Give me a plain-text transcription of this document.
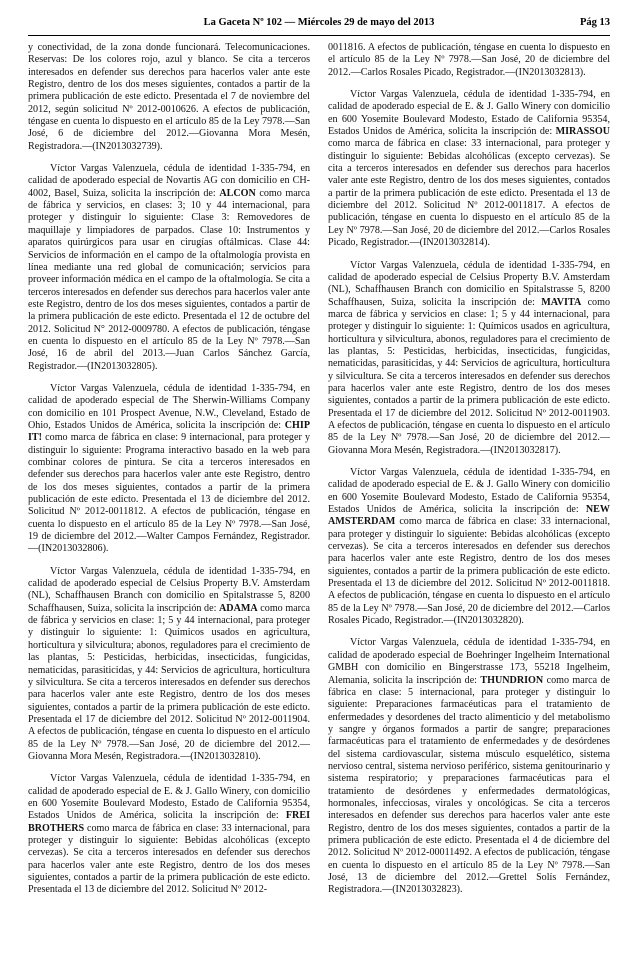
La Gaceta Nº 102 — Miércoles 29 de mayo del 2013	Pág 13

y conectividad, de la zona donde funcionará. Telecomunicaciones. Reservas: De los colores rojo, azul y blanco. Se cita a terceros interesados en defender sus derechos para hacerlos valer ante este Registro, dentro de los dos meses siguientes, contados a partir de la primera publicación de este edicto. Presentada el 7 de noviembre del 2012, según solicitud Nº 2012-0010626. A efectos de publicación, téngase en cuenta lo dispuesto en el artículo 85 de la Ley 7978.—San José, 6 de diciembre del 2012.—Giovanna Mora Mesén, Registradora.—(IN2013032739).

Víctor Vargas Valenzuela, cédula de identidad 1-335-794, en calidad de apoderado especial de Novartis AG con domicilio en CH-4002, Basel, Suiza, solicita la inscripción de: ALCON como marca de fábrica y servicios, en clases: 3; 10 y 44 internacional, para proteger y distinguir lo siguiente: Clase 3: Removedores de maquillaje y limpiadores de parpados. Clase 10: Instrumentos y aparatos quirúrgicos para usar en cirugías oftálmicas. Clase 44: Servicios de información en el campo de la oftalmología provista en línea mediante una red global de comunicación; servicios para proveer información médica en el campo de la oftalmología. Se cita a terceros interesados en defender sus derechos para hacerlos valer ante este Registro, dentro de los dos meses siguientes, contados a partir de la primera publicación de este edicto. Presentada el 12 de octubre del 2012. Solicitud N° 2012-0009780. A efectos de publicación, téngase en cuenta lo dispuesto en el artículo 85 de la Ley Nº 7978.—San José, 16 de abril del 2013.—Juan Carlos Sánchez García, Registrador.—(IN2013032805).

Víctor Vargas Valenzuela, cédula de identidad 1-335-794, en calidad de apoderado especial de The Sherwin-Williams Company con domicilio en 101 Prospect Avenue, N.W., Cleveland, Estado de Ohio, Estados Unidos de América, solicita la inscripción de: CHIP IT! como marca de fábrica en clase: 9 internacional, para proteger y distinguir lo siguiente: Programa interactivo basado en la web para combinar colores de pintura. Se cita a terceros interesados en defender sus derechos para hacerlos valer ante este Registro, dentro de los dos meses siguientes, contados a partir de la primera publicación de este edicto. Presentada el 13 de diciembre del 2012. Solicitud Nº 2012-0011812. A efectos de publicación, téngase en cuenta lo dispuesto en el artículo 85 de la Ley Nº 7978.—San José, 19 de diciembre del 2012.—Walter Campos Fernández, Registrador.—(IN2013032806).

Víctor Vargas Valenzuela, cédula de identidad 1-335-794, en calidad de apoderado especial de Celsius Property B.V. Amsterdam (NL), Schaffhausen Branch con domicilio en Spitalstrasse 5, 8200 Schaffhausen, Suiza, solicita la inscripción de: ADAMA como marca de fábrica y servicios en clase: 1; 5 y 44 internacional, para proteger y distinguir lo siguiente: 1: Químicos usados en agricultura, horticultura y silvicultura; abonos, reguladores para el crecimiento de las plantas, 5: Pesticidas, herbicidas, insecticidas, fungicidas, nematicidas, parasiticidas, y 44: Servicios de agricultura, horticultura y silvicultura. Se cita a terceros interesados en defender sus derechos para hacerlos valer ante este Registro, dentro de los dos meses siguientes, contados a partir de la primera publicación de este edicto. Presentada el 17 de diciembre del 2012. Solicitud Nº 2012-0011904. A efectos de publicación, téngase en cuenta lo dispuesto en el artículo 85 de la Ley Nº 7978.—San José, 20 de diciembre del 2012.—Giovanna Mora Mesén, Registradora.—(IN2013032810).

Víctor Vargas Valenzuela, cédula de identidad 1-335-794, en calidad de apoderado especial de E. & J. Gallo Winery, con domicilio en 600 Yosemite Boulevard Modesto, Estado de California 95354, Estados Unidos de América, solicita la inscripción de: FREI BROTHERS como marca de fábrica en clase: 33 internacional, para proteger y distinguir lo siguiente: Bebidas alcohólicas (excepto cervezas). Se cita a terceros interesados en defender sus derechos para hacerlos valer ante este Registro, dentro de los dos meses siguientes, contados a partir de la primera publicación de este edicto. Presentada el 13 de diciembre del 2012. Solicitud Nº 2012-

0011816. A efectos de publicación, téngase en cuenta lo dispuesto en el artículo 85 de la Ley Nº 7978.—San José, 20 de diciembre del 2012.—Carlos Rosales Picado, Registrador.—(IN2013032813).

Víctor Vargas Valenzuela, cédula de identidad 1-335-794, en calidad de apoderado especial de E. & J. Gallo Winery con domicilio en 600 Yosemite Boulevard Modesto, Estado de California 95354, Estados Unidos de América, solicita la inscripción de: MIRASSOU como marca de fábrica en clase: 33 internacional, para proteger y distinguir lo siguiente: Bebidas alcohólicas (excepto cervezas). Se cita a terceros interesados en defender sus derechos para hacerlos valer ante este Registro, dentro de los dos meses siguientes, contados a partir de la primera publicación de este edicto. Presentada el 13 de diciembre del 2012. Solicitud Nº 2012-0011817. A efectos de publicación, téngase en cuenta lo dispuesto en el artículo 85 de la Ley Nº 7978.—San José, 20 de diciembre del 2012.—Carlos Rosales Picado, Registrador.—(IN2013032814).

Víctor Vargas Valenzuela, cédula de identidad 1-335-794, en calidad de apoderado especial de Celsius Property B.V. Amsterdam (NL), Schaffhausen Branch con domicilio en Spitalstrasse 5, 8200 Schaffhausen, Suiza, solicita la inscripción de: MAVITA como marca de fábrica y servicios en clase: 1; 5 y 44 internacional, para proteger y distinguir lo siguiente: 1: Químicos usados en agricultura, horticultura y silvicultura, abonos, reguladores para el crecimiento de las plantas, 5: Pesticidas, herbicidas, insecticidas, fungicidas, nematicidas, parasiticidas, y 44: Servicios de agricultura, horticultura y silvicultura. Se cita a terceros interesados en defender sus derechos para hacerlos valer ante este Registro, dentro de los dos meses siguientes, contados a partir de la primera publicación de este edicto. Presentada el 17 de diciembre del 2012. Solicitud Nº 2012-0011903. A efectos de publicación, téngase en cuenta lo dispuesto en el artículo 85 de la Ley Nº 7978.—San José, 20 de diciembre del 2012.—Giovanna Mora Mesén, Registradora.—(IN2013032817).

Víctor Vargas Valenzuela, cédula de identidad 1-335-794, en calidad de apoderado especial de E. & J. Gallo Winery con domicilio en 600 Yosemite Boulevard Modesto, Estado de California 95354, Estados Unidos de América, solicita la inscripción de: NEW AMSTERDAM como marca de fábrica en clase: 33 internacional, para proteger y distinguir lo siguiente: Bebidas alcohólicas (excepto cervezas). Se cita a terceros interesados en defender sus derechos para hacerlos valer ante este Registro, dentro de los dos meses siguientes, contados a partir de la primera publicación de este edicto. Presentada el 13 de diciembre del 2012. Solicitud Nº 2012-0011818. A efectos de publicación, téngase en cuenta lo dispuesto en el artículo 85 de la Ley Nº 7978.—San José, 20 de diciembre del 2012.—Carlos Rosales Picado, Registrador.—(IN2013032820).

Víctor Vargas Valenzuela, cédula de identidad 1-335-794, en calidad de apoderado especial de Boehringer Ingelheim International GMBH con domicilio en Bingerstrasse 173, 55218 Ingelheim, Alemania, solicita la inscripción de: THUNDRION como marca de fábrica en clase: 5 internacional, para proteger y distinguir lo siguiente: Preparaciones farmacéuticas para el tratamiento de enfermedades y desordenes del tracto alimenticio y del metabolismo y sangre y órganos formados a partir de sangre; preparaciones farmacéuticas para el tratamiento de enfermedades y de desórdenes del sistema cardiovascular, sistema músculo esquelético, sistema nervioso central, sistema nervioso periférico, sistema genitourinario y sistema respiratorio; y preparaciones farmacéuticas para el tratamiento de desórdenes y enfermedades dermatológicas, hormonales, infecciosas, virales y oncológicas. Se cita a terceros interesados en defender sus derechos para hacerlos valer ante este Registro, dentro de los dos meses siguientes, contados a partir de la primera publicación de este edicto. Presentada el 4 de diciembre del 2012. Solicitud Nº 2012-00011492. A efectos de publicación, téngase en cuenta lo dispuesto en el artículo 85 de la Ley Nº 7978.—San José, 13 de diciembre del 2012.—Grettel Solís Fernández, Registradora.—(IN2013032823).
